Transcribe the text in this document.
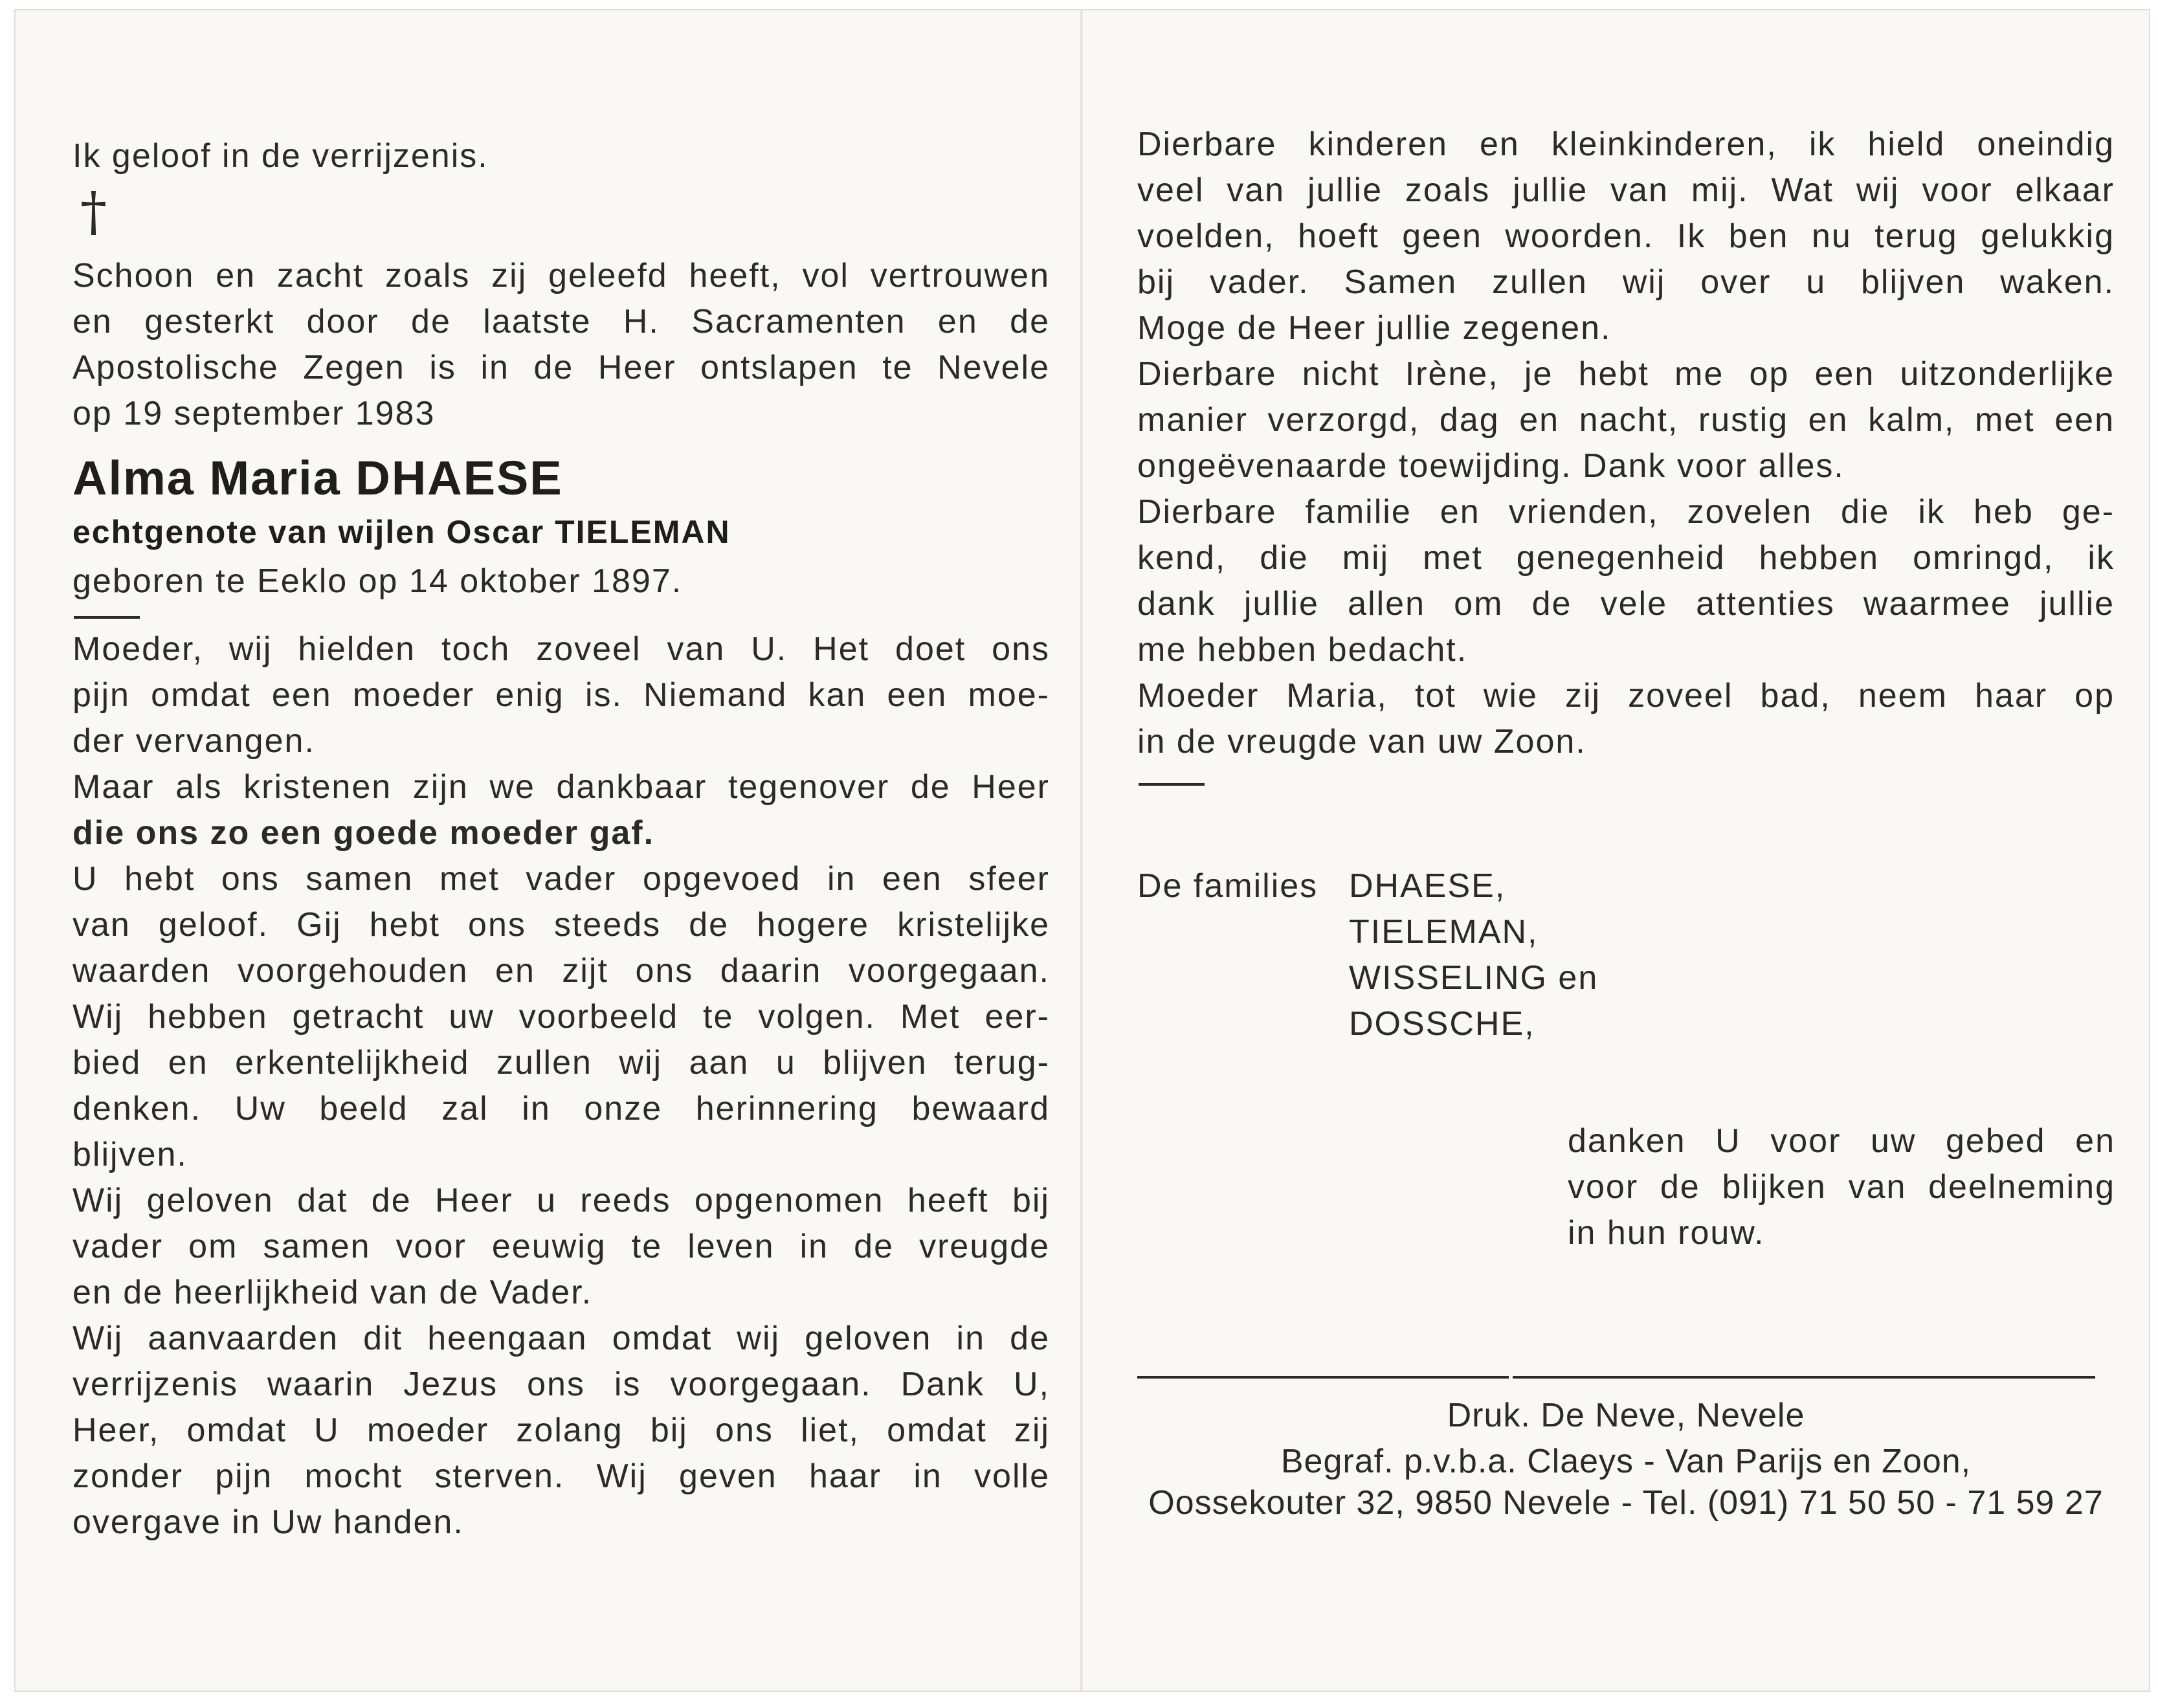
Ik geloof in de verrijzenis.
†
Schoon en zacht zoals zij geleefd heeft, vol vertrouwen
en gesterkt door de laatste H. Sacramenten en de
Apostolische Zegen is in de Heer ontslapen te Nevele
op 19 september 1983
Alma Maria DHAESE
echtgenote van wijlen Oscar TIELEMAN
geboren te Eeklo op 14 oktober 1897.
Moeder, wij hielden toch zoveel van U. Het doet ons
pijn omdat een moeder enig is. Niemand kan een moe-
der vervangen.
Maar als kristenen zijn we dankbaar tegenover de Heer
die ons zo een goede moeder gaf.
U hebt ons samen met vader opgevoed in een sfeer
van geloof. Gij hebt ons steeds de hogere kristelijke
waarden voorgehouden en zijt ons daarin voorgegaan.
Wij hebben getracht uw voorbeeld te volgen. Met eer-
bied en erkentelijkheid zullen wij aan u blijven terug-
denken. Uw beeld zal in onze herinnering bewaard
blijven.
Wij geloven dat de Heer u reeds opgenomen heeft bij
vader om samen voor eeuwig te leven in de vreugde
en de heerlijkheid van de Vader.
Wij aanvaarden dit heengaan omdat wij geloven in de
verrijzenis waarin Jezus ons is voorgegaan. Dank U,
Heer, omdat U moeder zolang bij ons liet, omdat zij
zonder pijn mocht sterven. Wij geven haar in volle
overgave in Uw handen.
Dierbare kinderen en kleinkinderen, ik hield oneindig
veel van jullie zoals jullie van mij. Wat wij voor elkaar
voelden, hoeft geen woorden. Ik ben nu terug gelukkig
bij vader. Samen zullen wij over u blijven waken.
Moge de Heer jullie zegenen.
Dierbare nicht Irène, je hebt me op een uitzonderlijke
manier verzorgd, dag en nacht, rustig en kalm, met een
ongeëvenaarde toewijding. Dank voor alles.
Dierbare familie en vrienden, zovelen die ik heb ge-
kend, die mij met genegenheid hebben omringd, ik
dank jullie allen om de vele attenties waarmee jullie
me hebben bedacht.
Moeder Maria, tot wie zij zoveel bad, neem haar op
in de vreugde van uw Zoon.
De families DHAESE,
TIELEMAN,
WISSELING en
DOSSCHE,
danken U voor uw gebed en
voor de blijken van deelneming
in hun rouw.
Druk. De Neve, Nevele
Begraf. p.v.b.a. Claeys - Van Parijs en Zoon,
Oossekouter 32, 9850 Nevele - Tel. (091) 71 50 50 - 71 59 27
